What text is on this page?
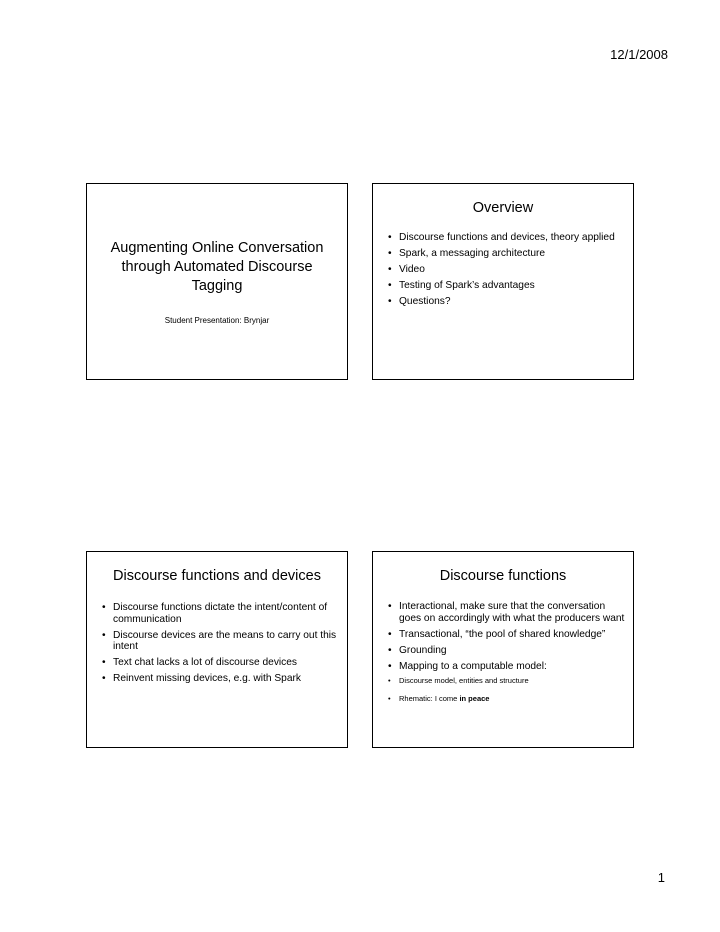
12/1/2008
Augmenting Online Conversation through Automated Discourse Tagging
Student Presentation: Brynjar
Overview
• Discourse functions and devices, theory applied
• Spark, a messaging architecture
• Video
• Testing of Spark’s advantages
• Questions?
Discourse functions and devices
• Discourse functions dictate the intent/content of communication
• Discourse devices are the means to carry out this intent
• Text chat lacks a lot of discourse devices
• Reinvent missing devices, e.g. with Spark
Discourse functions
• Interactional, make sure that the conversation goes on accordingly with what the producers want
• Transactional, “the pool of shared knowledge”
• Grounding
• Mapping to a computable model:
• Discourse model, entities and structure
• Rhematic: I come in peace
1
